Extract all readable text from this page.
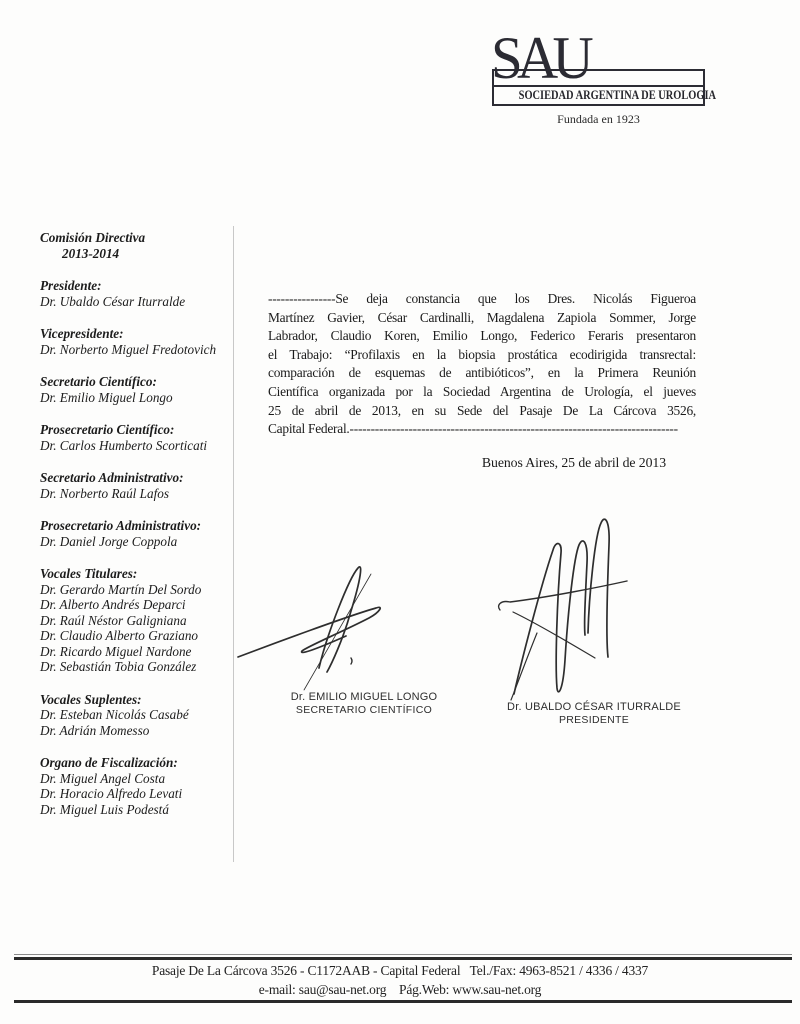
SAU
SOCIEDAD ARGENTINA DE UROLOGIA
Fundada en 1923
Comisión Directiva
2013-2014
Presidente:
Dr. Ubaldo César Iturralde
Vicepresidente:
Dr. Norberto Miguel Fredotovich
Secretario Científico:
Dr. Emilio Miguel Longo
Prosecretario Científico:
Dr. Carlos Humberto Scorticati
Secretario Administrativo:
Dr. Norberto Raúl Lafos
Prosecretario Administrativo:
Dr. Daniel Jorge Coppola
Vocales Titulares:
Dr. Gerardo Martín Del Sordo
Dr. Alberto Andrés Deparci
Dr. Raúl Néstor Galigniana
Dr. Claudio Alberto Graziano
Dr. Ricardo Miguel Nardone
Dr. Sebastián Tobia González
Vocales Suplentes:
Dr. Esteban Nicolás Casabé
Dr. Adrián Momesso
Organo de Fiscalización:
Dr. Miguel Angel Costa
Dr. Horacio Alfredo Levati
Dr. Miguel Luis Podestá
----------------Se deja constancia que los Dres. Nicolás Figueroa
Martínez Gavier, César Cardinalli, Magdalena Zapiola Sommer, Jorge
Labrador, Claudio Koren, Emilio Longo, Federico Feraris presentaron
el Trabajo: “Profilaxis en la biopsia prostática ecodirigida transrectal:
comparación de esquemas de antibióticos”, en la Primera Reunión
Científica organizada por la Sociedad Argentina de Urología, el jueves
25 de abril de 2013, en su Sede del Pasaje De La Cárcova 3526,
Capital Federal.------------------------------------------------------------------------------
Buenos Aires, 25 de abril de 2013
Dr. EMILIO MIGUEL LONGO
SECRETARIO CIENTÍFICO	Dr. UBALDO CÉSAR ITURRALDE
PRESIDENTE
Pasaje De La Cárcova 3526 - C1172AAB - Capital Federal   Tel./Fax: 4963-8521 / 4336 / 4337
e-mail: sau@sau-net.org    Pág.Web: www.sau-net.org
